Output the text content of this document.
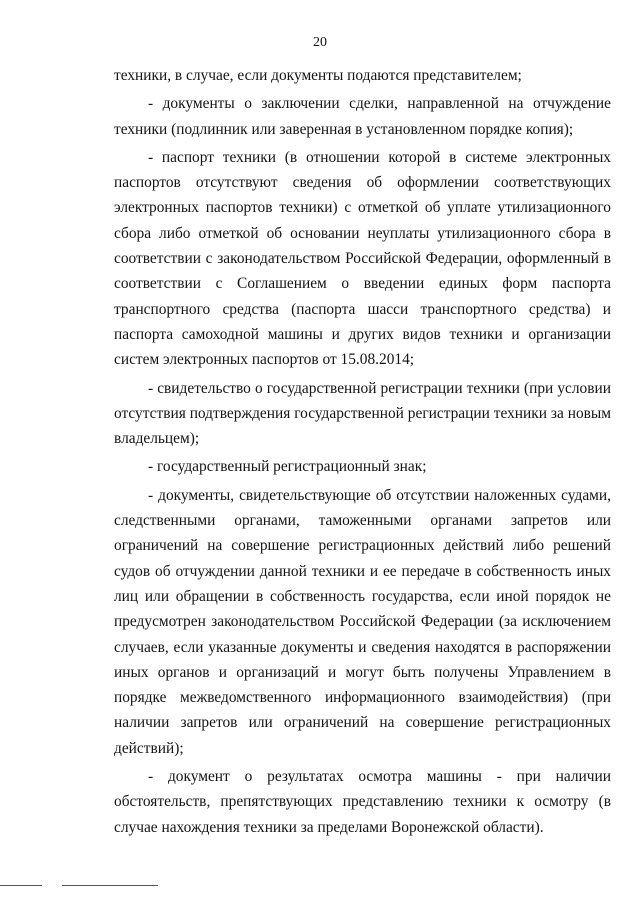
20

техники, в случае, если документы подаются представителем;

- документы о заключении сделки, направленной на отчуждение техники (подлинник или заверенная в установленном порядке копия);

- паспорт техники (в отношении которой в системе электронных паспортов отсутствуют сведения об оформлении соответствующих электронных паспортов техники) с отметкой об уплате утилизационного сбора либо отметкой об основании неуплаты утилизационного сбора в соответствии с законодательством Российской Федерации, оформленный в соответствии с Соглашением о введении единых форм паспорта транспортного средства (паспорта шасси транспортного средства) и паспорта самоходной машины и других видов техники и организации систем электронных паспортов от 15.08.2014;

- свидетельство о государственной регистрации техники (при условии отсутствия подтверждения государственной регистрации техники за новым владельцем);

- государственный регистрационный знак;

- документы, свидетельствующие об отсутствии наложенных судами, следственными органами, таможенными органами запретов или ограничений на совершение регистрационных действий либо решений судов об отчуждении данной техники и ее передаче в собственность иных лиц или обращении в собственность государства, если иной порядок не предусмотрен законодательством Российской Федерации (за исключением случаев, если указанные документы и сведения находятся в распоряжении иных органов и организаций и могут быть получены Управлением в порядке межведомственного информационного взаимодействия) (при наличии запретов или ограничений на совершение регистрационных действий);

- документ о результатах осмотра машины - при наличии обстоятельств, препятствующих представлению техники к осмотру (в случае нахождения техники за пределами Воронежской области).
